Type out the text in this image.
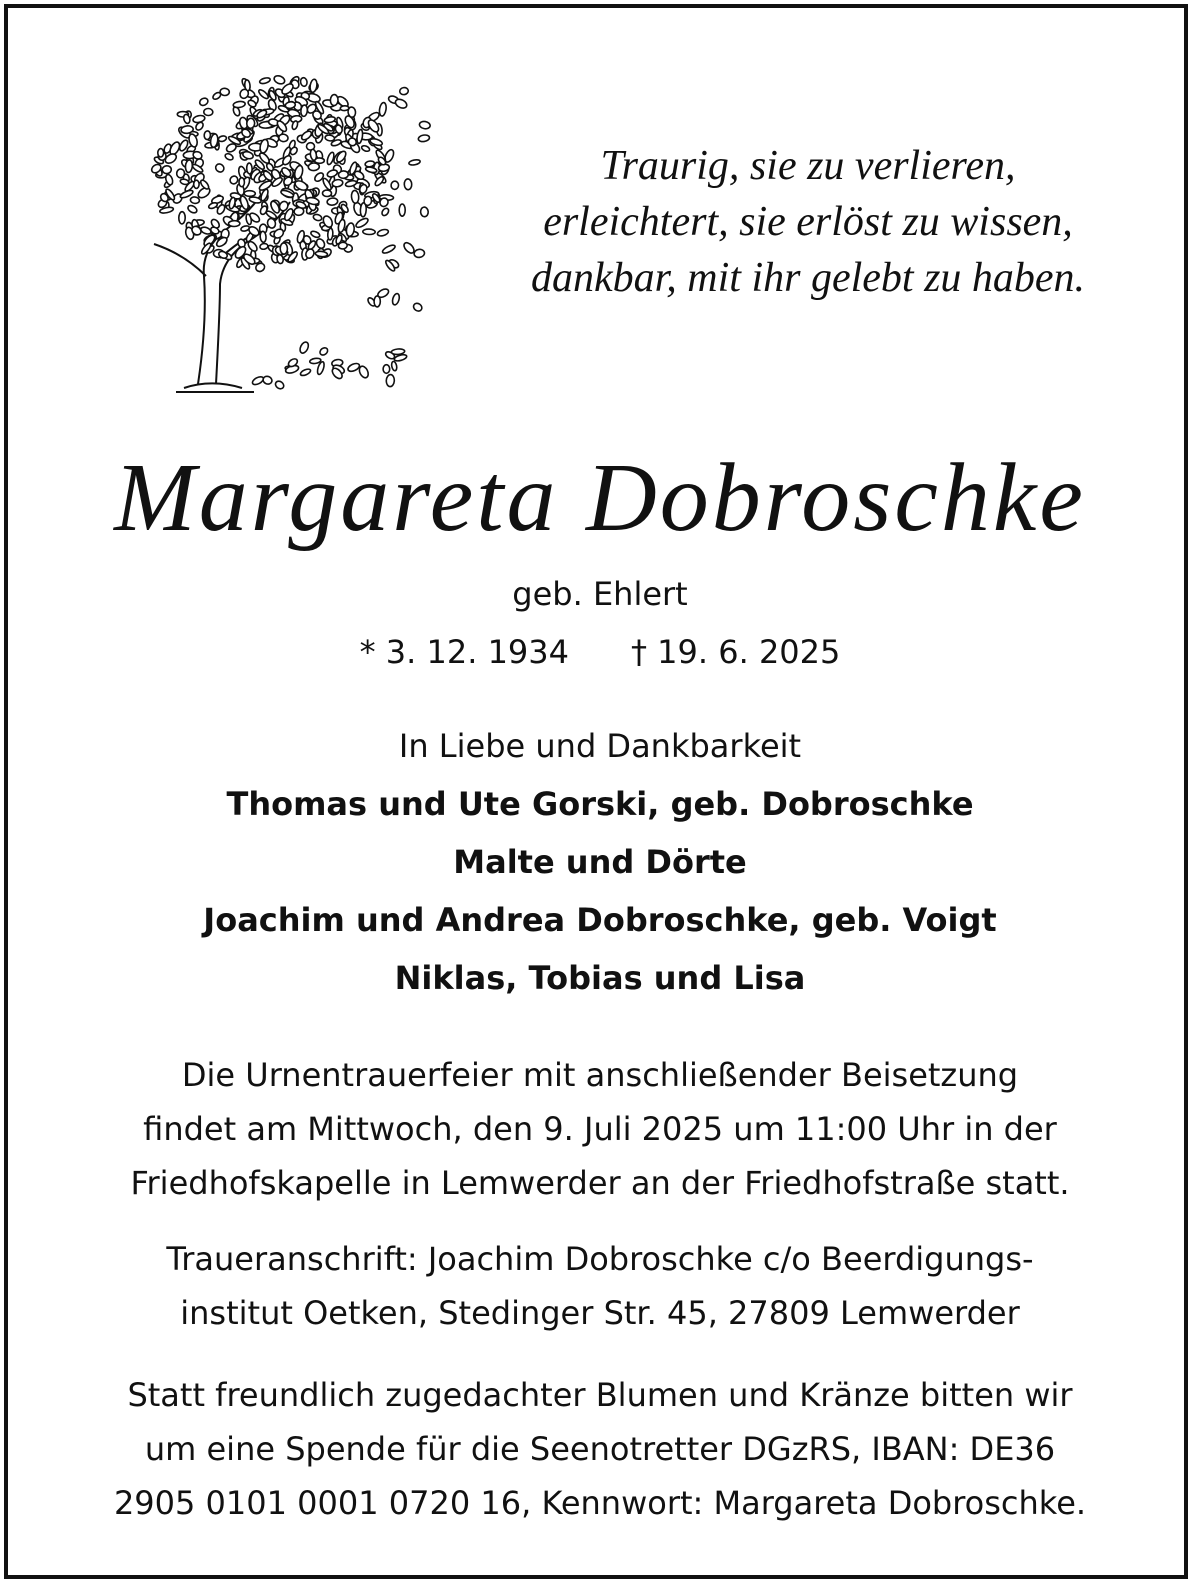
Traurig, sie zu verlieren,
erleichtert, sie erlöst zu wissen,
dankbar, mit ihr gelebt zu haben.
Margareta Dobroschke
geb. Ehlert
* 3. 12. 1934 † 19. 6. 2025
In Liebe und Dankbarkeit
Thomas und Ute Gorski, geb. Dobroschke
Malte und Dörte
Joachim und Andrea Dobroschke, geb. Voigt
Niklas, Tobias und Lisa
Die Urnentrauerfeier mit anschließender Beisetzung
findet am Mittwoch, den 9. Juli 2025 um 11:00 Uhr in der
Friedhofskapelle in Lemwerder an der Friedhofstraße statt.
Traueranschrift: Joachim Dobroschke c/o Beerdigungs-
institut Oetken, Stedinger Str. 45, 27809 Lemwerder
Statt freundlich zugedachter Blumen und Kränze bitten wir
um eine Spende für die Seenotretter DGzRS, IBAN: DE36
2905 0101 0001 0720 16, Kennwort: Margareta Dobroschke.
